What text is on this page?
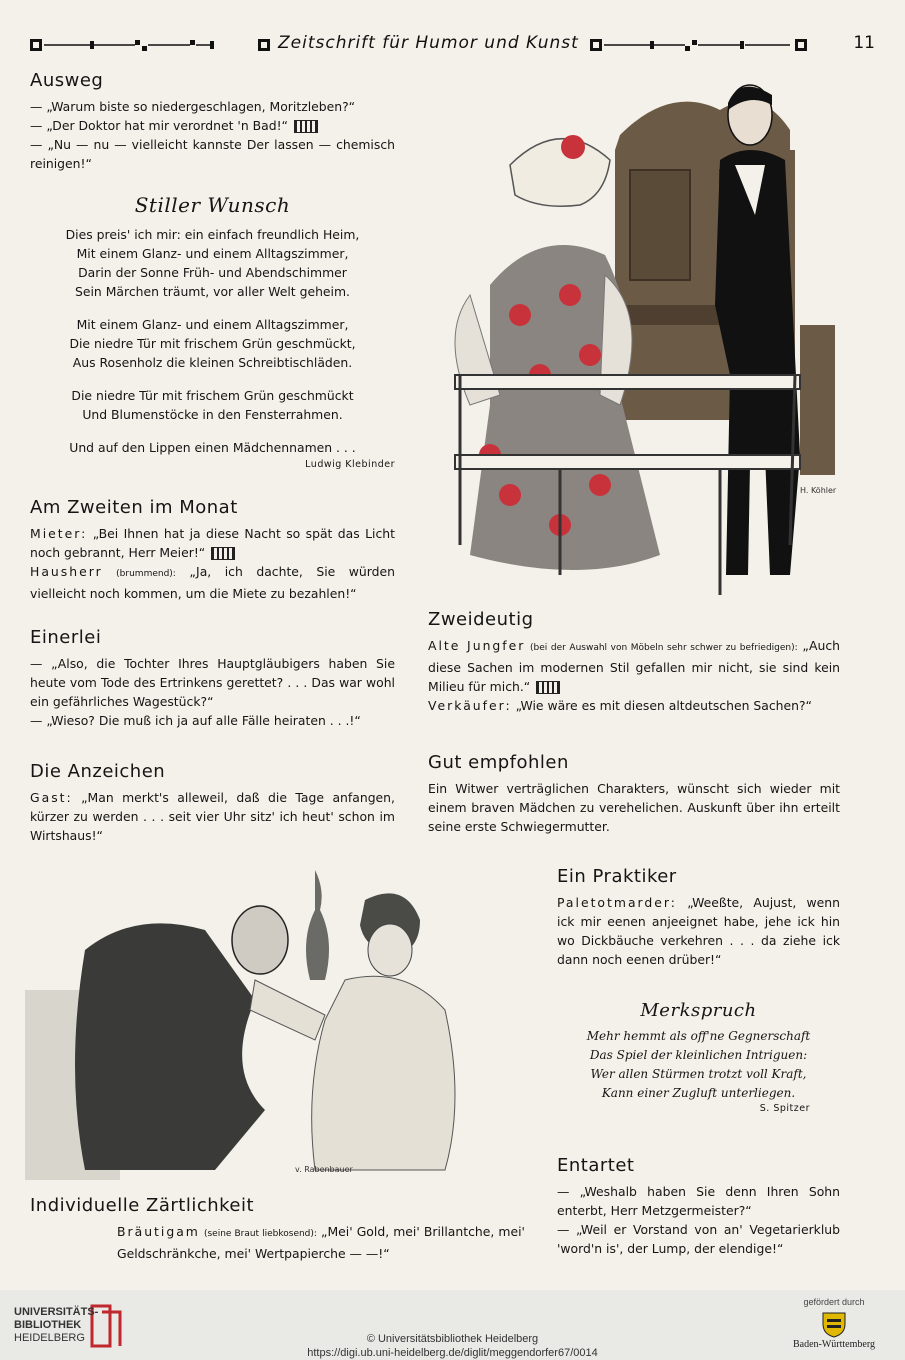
Zeitschrift für Humor und Kunst	11
Ausweg

— „Warum biste so niedergeschlagen, Moritzleben?“

— „Der Doktor hat mir verordnet 'n Bad!“

— „Nu — nu — vielleicht kannste Der lassen — chemisch reinigen!“

Stiller Wunsch
Dies preis' ich mir: ein einfach freundlich Heim,
Mit einem Glanz- und einem Alltagszimmer,
Darin der Sonne Früh- und Abendschimmer
Sein Märchen träumt, vor aller Welt geheim.
Mit einem Glanz- und einem Alltagszimmer,
Die niedre Tür mit frischem Grün geschmückt,
Aus Rosenholz die kleinen Schreibtischläden.
Die niedre Tür mit frischem Grün geschmückt
Und Blumenstöcke in den Fensterrahmen.
Und auf den Lippen einen Mädchennamen . . .
Ludwig Klebinder
Am Zweiten im Monat

Mieter: „Bei Ihnen hat ja diese Nacht so spät das Licht noch gebrannt, Herr Meier!“

Hausherr (brummend): „Ja, ich dachte, Sie würden vielleicht noch kommen, um die Miete zu bezahlen!“

Einerlei

— „Also, die Tochter Ihres Hauptgläubigers haben Sie heute vom Tode des Ertrinkens gerettet? . . . Das war wohl ein gefährliches Wagestück?“

— „Wieso? Die muß ich ja auf alle Fälle heiraten . . .!“

Die Anzeichen

Gast: „Man merkt's alleweil, daß die Tage anfangen, kürzer zu werden . . . seit vier Uhr sitz' ich heut' schon im Wirtshaus!“

H. Köhler
Zweideutig

Alte Jungfer (bei der Auswahl von Möbeln sehr schwer zu befriedigen): „Auch diese Sachen im modernen Stil gefallen mir nicht, sie sind kein Milieu für mich.“

Verkäufer: „Wie wäre es mit diesen altdeutschen Sachen?“

Gut empfohlen

Ein Witwer verträglichen Charakters, wünscht sich wieder mit einem braven Mädchen zu verehelichen. Auskunft über ihn erteilt seine erste Schwiegermutter.

Ein Praktiker

Paletotmarder: „Weeßte, Aujust, wenn ick mir eenen anjeeignet habe, jehe ick hin wo Dickbäuche verkehren . . . da ziehe ick dann noch eenen drüber!“

Merkspruch
Mehr hemmt als off'ne Gegnerschaft
Das Spiel der kleinlichen Intriguen:
Wer allen Stürmen trotzt voll Kraft,
Kann einer Zugluft unterliegen.
S. Spitzer
Entartet

— „Weshalb haben Sie denn Ihren Sohn enterbt, Herr Metzgermeister?“

— „Weil er Vorstand von an' Vegetarierklub 'word'n is', der Lump, der elendige!“

v. Rabenbauer
Individuelle Zärtlichkeit

Bräutigam (seine Braut liebkosend): „Mei' Gold, mei' Brillantche, mei' Geldschränkche, mei' Wertpapierche — —!“

UNIVERSITÄTS-
BIBLIOTHEK
HEIDELBERG	© Universitätsbibliothek Heidelberg
https://digi.ub.uni-heidelberg.de/diglit/meggendorfer67/0014
gefördert durch
Baden-Württemberg
